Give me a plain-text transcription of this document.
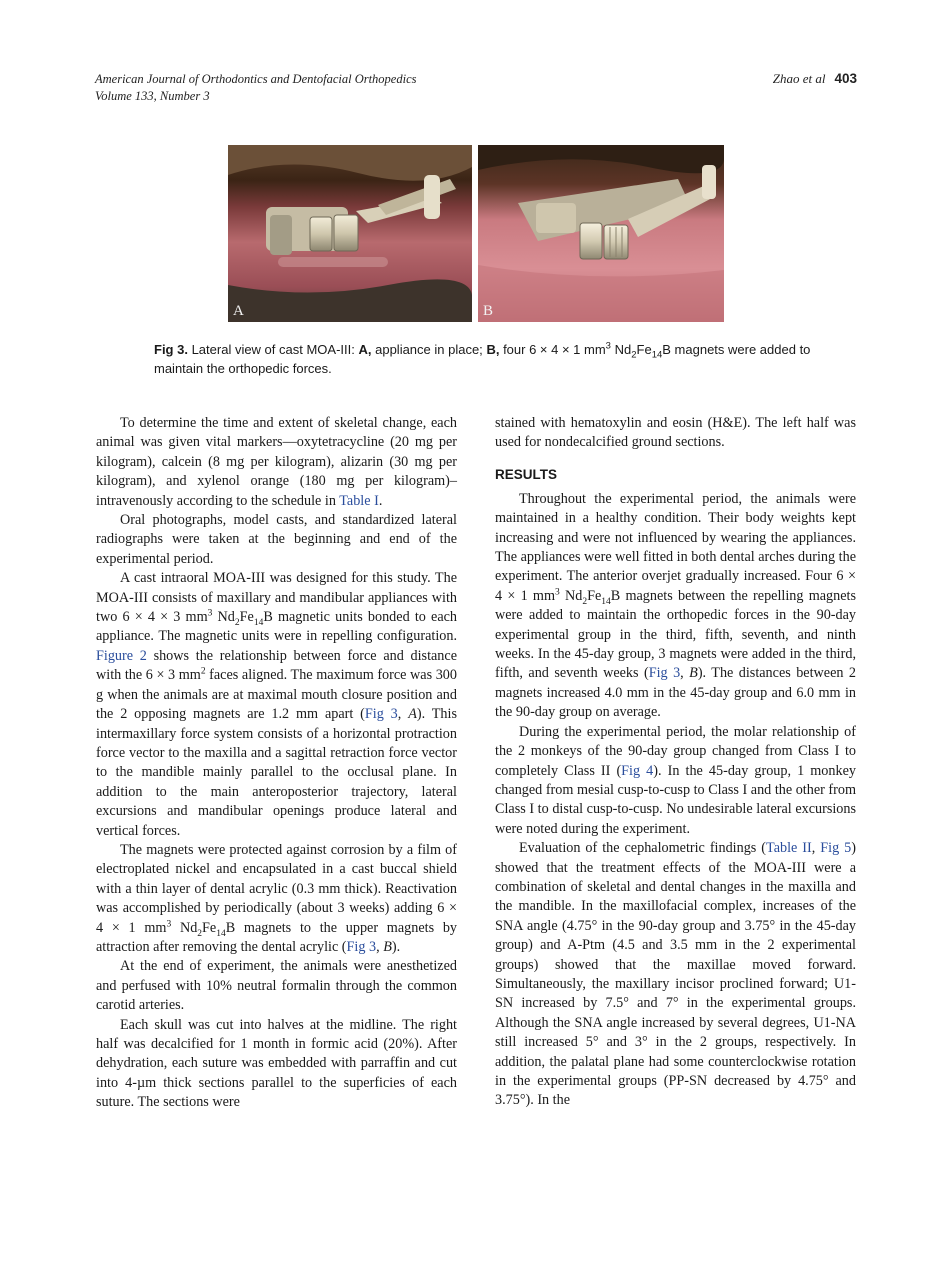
American Journal of Orthodontics and Dentofacial Orthopedics
Volume 133, Number 3
Zhao et al 403
A	B
Fig 3. Lateral view of cast MOA-III: A, appliance in place; B, four 6 × 4 × 1 $mm^3$ $Nd_2Fe_{14}B$ magnets were added to maintain the orthopedic forces.

To determine the time and extent of skeletal change, each animal was given vital markers—oxytetracycline (20 mg per kilogram), calcein (8 mg per kilogram), alizarin (30 mg per kilogram), and xylenol orange (180 mg per kilogram)–intravenously according to the schedule in Table I.

Oral photographs, model casts, and standardized lateral radiographs were taken at the beginning and end of the experimental period.

A cast intraoral MOA-III was designed for this study. The MOA-III consists of maxillary and mandibular appliances with two 6 × 4 × 3 $mm^3$ $Nd_2Fe_{14}B$ magnetic units bonded to each appliance. The magnetic units were in repelling configuration. Figure 2 shows the relationship between force and distance with the 6 × 3 $mm^2$ faces aligned. The maximum force was 300 g when the animals are at maximal mouth closure position and the 2 opposing magnets are 1.2 mm apart (Fig 3, A). This intermaxillary force system consists of a horizontal protraction force vector to the maxilla and a sagittal retraction force vector to the mandible mainly parallel to the occlusal plane. In addition to the main anteroposterior trajectory, lateral excursions and mandibular openings produce lateral and vertical forces.

The magnets were protected against corrosion by a film of electroplated nickel and encapsulated in a cast buccal shield with a thin layer of dental acrylic (0.3 mm thick). Reactivation was accomplished by periodically (about 3 weeks) adding 6 × 4 × 1 $mm^3$ $Nd_2Fe_{14}B$ magnets to the upper magnets by attraction after removing the dental acrylic (Fig 3, B).

At the end of experiment, the animals were anesthetized and perfused with 10% neutral formalin through the common carotid arteries.

Each skull was cut into halves at the midline. The right half was decalcified for 1 month in formic acid (20%). After dehydration, each suture was embedded with parraffin and cut into 4-µm thick sections parallel to the superficies of each suture. The sections were

stained with hematoxylin and eosin (H&E). The left half was used for nondecalcified ground sections.

RESULTS

Throughout the experimental period, the animals were maintained in a healthy condition. Their body weights kept increasing and were not influenced by wearing the appliances. The appliances were well fitted in both dental arches during the experiment. The anterior overjet gradually increased. Four 6 × 4 × 1 $mm^3$ $Nd_2Fe_{14}B$ magnets between the repelling magnets were added to maintain the orthopedic forces in the 90-day experimental group in the third, fifth, seventh, and ninth weeks. In the 45-day group, 3 magnets were added in the third, fifth, and seventh weeks (Fig 3, B). The distances between 2 magnets increased 4.0 mm in the 45-day group and 6.0 mm in the 90-day group on average.

During the experimental period, the molar relationship of the 2 monkeys of the 90-day group changed from Class I to completely Class II (Fig 4). In the 45-day group, 1 monkey changed from mesial cusp-to-cusp to Class I and the other from Class I to distal cusp-to-cusp. No undesirable lateral excursions were noted during the experiment.

Evaluation of the cephalometric findings (Table II, Fig 5) showed that the treatment effects of the MOA-III were a combination of skeletal and dental changes in the maxilla and the mandible. In the maxillofacial complex, increases of the SNA angle (4.75° in the 90-day group and 3.75° in the 45-day group) and A-Ptm (4.5 and 3.5 mm in the 2 experimental groups) showed that the maxillae moved forward. Simultaneously, the maxillary incisor proclined forward; U1-SN increased by 7.5° and 7° in the experimental groups. Although the SNA angle increased by several degrees, U1-NA still increased 5° and 3° in the 2 groups, respectively. In addition, the palatal plane had some counterclockwise rotation in the experimental groups (PP-SN decreased by 4.75° and 3.75°). In the
